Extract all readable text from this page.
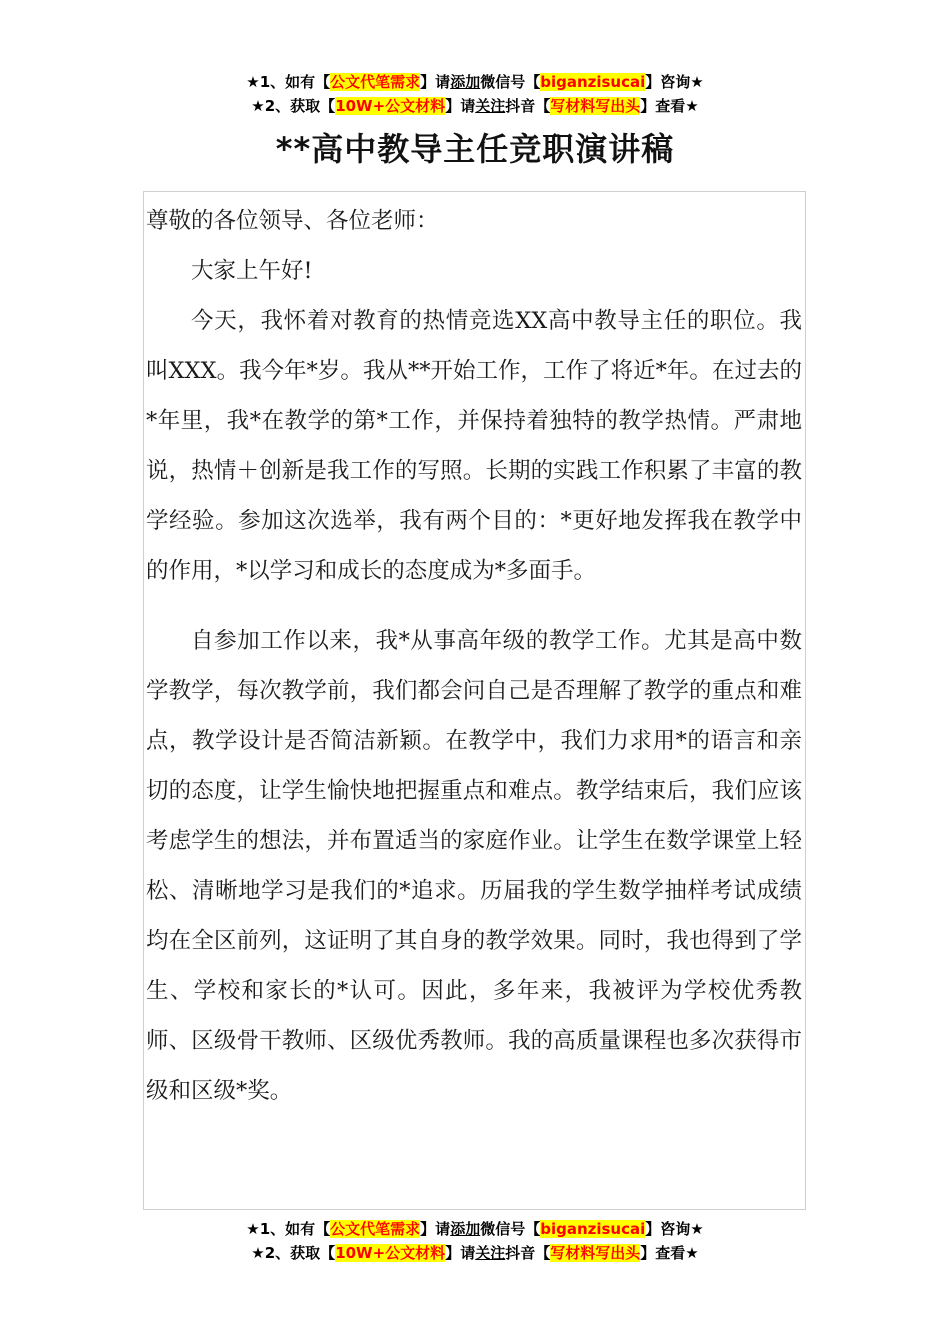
★1、如有【公文代笔需求】请添加微信号【biganzisucai】咨询★
★2、获取【10W+公文材料】请关注抖音【写材料写出头】查看★
**高中教导主任竞职演讲稿

尊敬的各位领导、各位老师：

大家上午好!

今天，我怀着对教育的热情竞选XX高中教导主任的职位。我叫XXX。我今年*岁。我从**开始工作，工作了将近*年。在过去的*年里，我*在教学的第*工作，并保持着独特的教学热情。严肃地说，热情＋创新是我工作的写照。长期的实践工作积累了丰富的教学经验。参加这次选举，我有两个目的：*更好地发挥我在教学中的作用，*以学习和成长的态度成为*多面手。

自参加工作以来，我*从事高年级的教学工作。尤其是高中数学教学，每次教学前，我们都会问自己是否理解了教学的重点和难点，教学设计是否简洁新颖。在教学中，我们力求用*的语言和亲切的态度，让学生愉快地把握重点和难点。教学结束后，我们应该考虑学生的想法，并布置适当的家庭作业。让学生在数学课堂上轻松、清晰地学习是我们的*追求。历届我的学生数学抽样考试成绩均在全区前列，这证明了其自身的教学效果。同时，我也得到了学生、学校和家长的*认可。因此，多年来，我被评为学校优秀教师、区级骨干教师、区级优秀教师。我的高质量课程也多次获得市级和区级*奖。

★1、如有【公文代笔需求】请添加微信号【biganzisucai】咨询★
★2、获取【10W+公文材料】请关注抖音【写材料写出头】查看★
